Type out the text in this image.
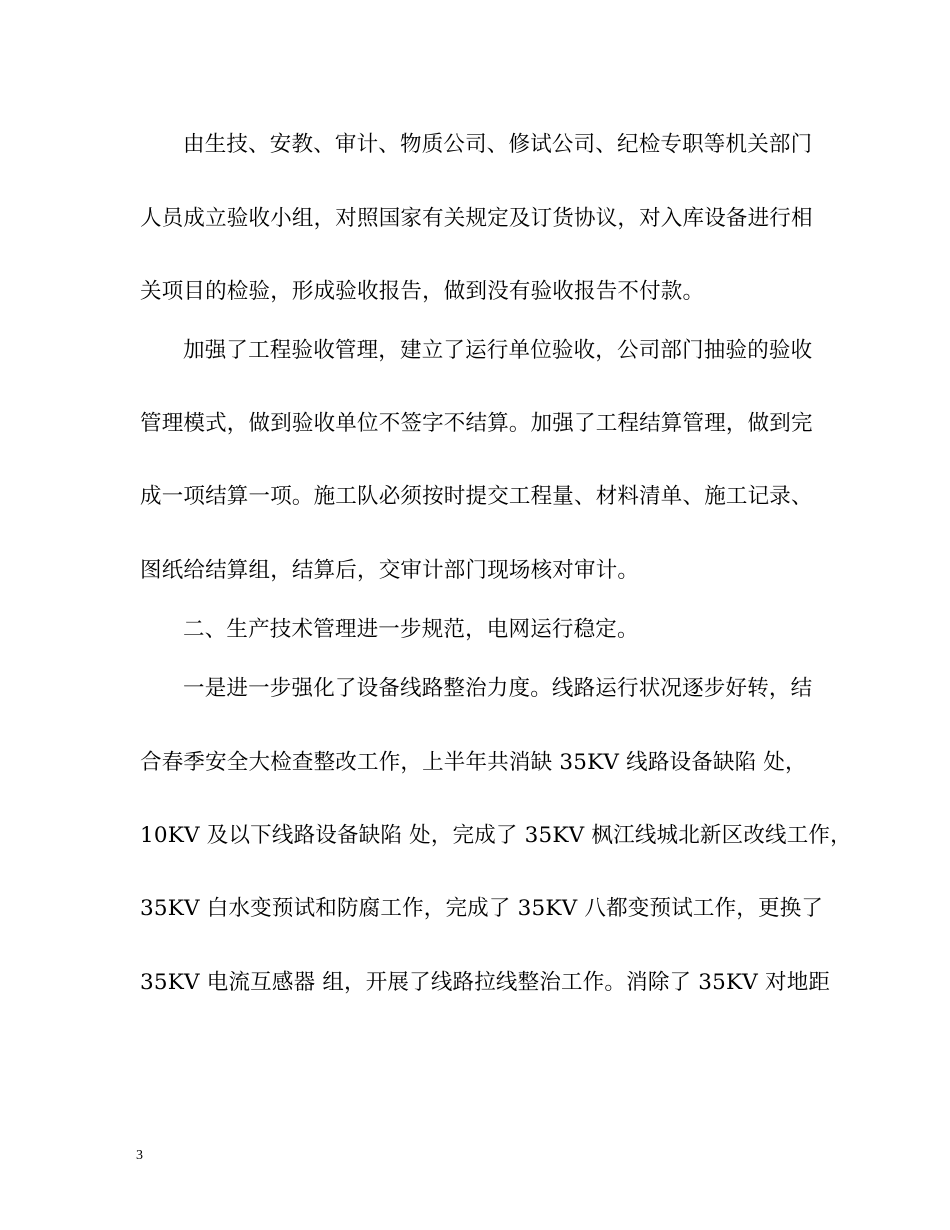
由生技、安教、审计、物质公司、修试公司、纪检专职等机关部门
人员成立验收小组，对照国家有关规定及订货协议，对入库设备进行相
关项目的检验，形成验收报告，做到没有验收报告不付款。
加强了工程验收管理，建立了运行单位验收，公司部门抽验的验收
管理模式，做到验收单位不签字不结算。加强了工程结算管理，做到完
成一项结算一项。施工队必须按时提交工程量、材料清单、施工记录、
图纸给结算组，结算后，交审计部门现场核对审计。
二、生产技术管理进一步规范，电网运行稳定。
一是进一步强化了设备线路整治力度。线路运行状况逐步好转，结
合春季安全大检查整改工作，上半年共消缺 35KV 线路设备缺陷 处，
10KV 及以下线路设备缺陷 处，完成了 35KV 枫江线城北新区改线工作，
35KV 白水变预试和防腐工作，完成了 35KV 八都变预试工作，更换了
35KV 电流互感器 组，开展了线路拉线整治工作。消除了 35KV 对地距
3
